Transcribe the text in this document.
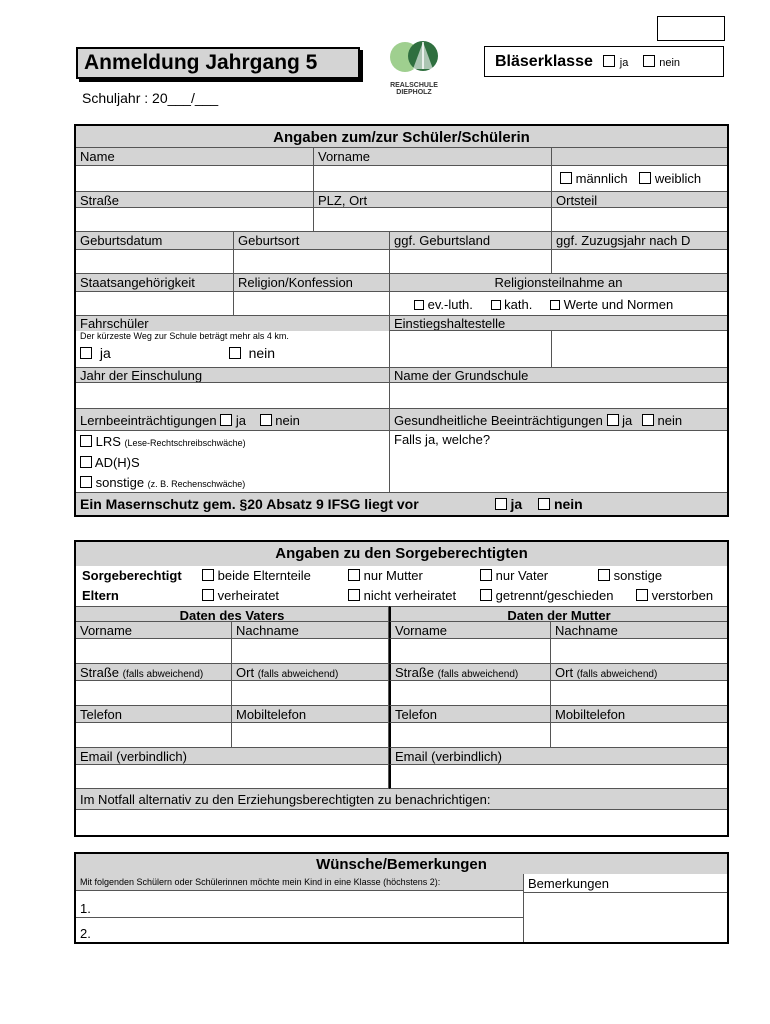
Anmeldung Jahrgang 5
Schuljahr : 20___/___
REALSCHULE
DIEPHOLZ
Bläserklasse ja	nein
Angaben zum/zur Schüler/Schülerin
Name	Vorname
männlich weiblich
Straße	PLZ, Ort	Ortsteil
Geburtsdatum	Geburtsort	ggf. Geburtsland	ggf. Zuzugsjahr nach D
Staatsangehörigkeit	Religion/Konfession	Religionsteilnahme an
ev.-luth. kath. Werte und Normen
Fahrschüler
Der kürzeste Weg zur Schule beträgt mehr als 4 km.
ja	nein
Einstiegshaltestelle
Jahr der Einschulung	Name der Grundschule
Lernbeeinträchtigungen ja nein	Gesundheitliche Beeinträchtigungen ja nein
LRS (Lese-Rechtschreibschwäche)
AD(H)S
sonstige (z. B. Rechenschwäche)
Falls ja, welche?
Ein Masernschutz gem. §20 Absatz 9 IFSG liegt vor	ja nein
Angaben zu den Sorgeberechtigten
Sorgeberechtigt	beide Elternteile	nur Mutter	nur Vater	sonstige
Eltern	verheiratet	nicht verheiratet	getrennt/geschieden	verstorben
Daten des Vaters	Daten der Mutter
Vorname	Nachname	Vorname	Nachname
Straße (falls abweichend)	Ort (falls abweichend)	Straße (falls abweichend)	Ort (falls abweichend)
Telefon	Mobiltelefon	Telefon	Mobiltelefon
Email (verbindlich)	Email (verbindlich)
Im Notfall alternativ zu den Erziehungsberechtigten zu benachrichtigen:
Wünsche/Bemerkungen
Mit folgenden Schülern oder Schülerinnen möchte mein Kind in eine Klasse (höchstens 2):	Bemerkungen
1.
2.
